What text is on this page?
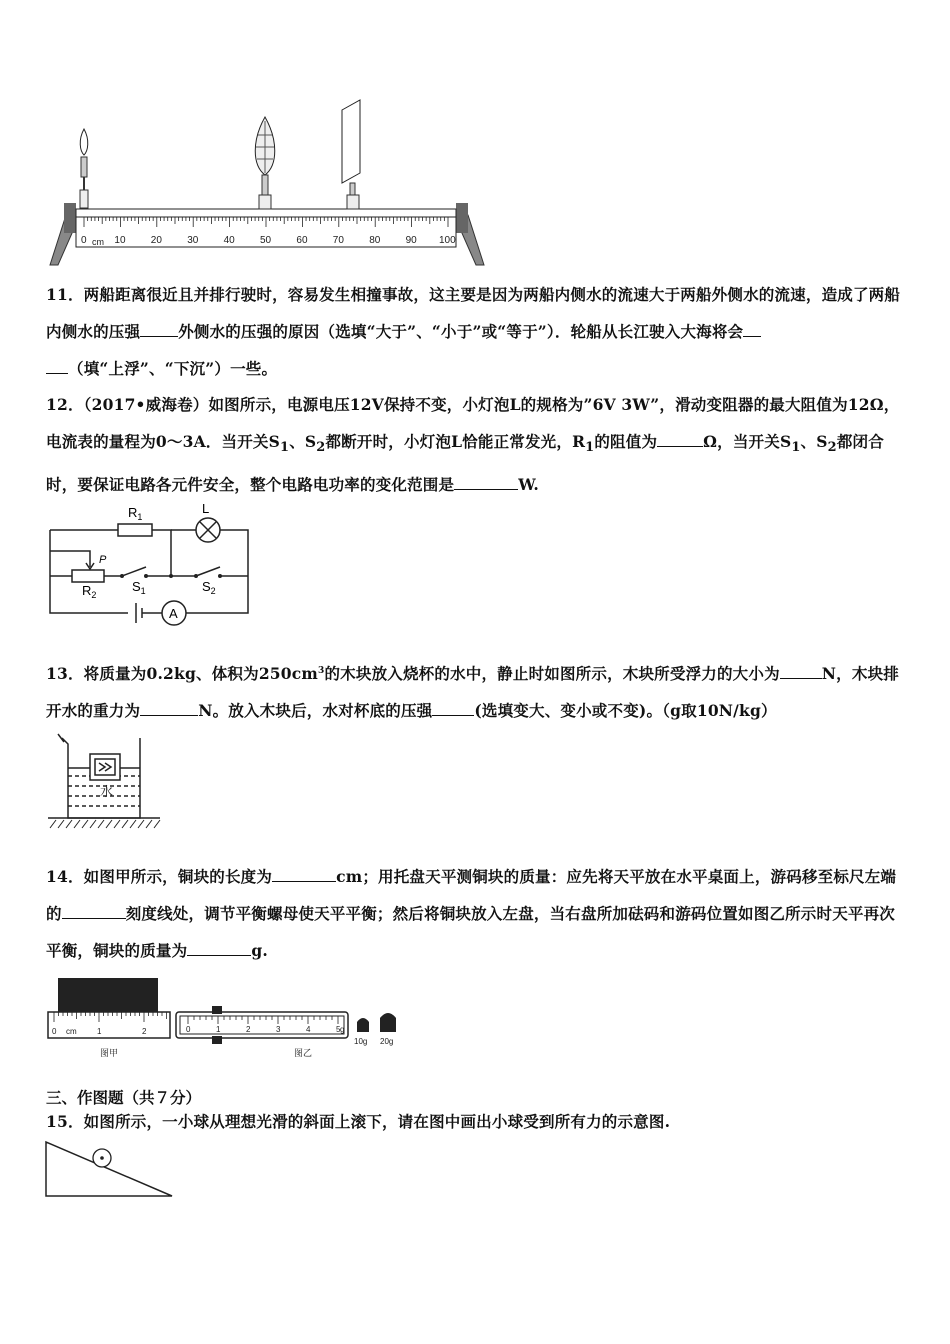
0	10	20	30	40	50	60	70	80	90 100
cm
11．两船距离很近且并排行驶时，容易发生相撞事故，这主要是因为两船内侧水的流速大于两船外侧水的流速，造成了两船内侧水的压强 外侧水的压强的原因（选填“大于”、“小于”或“等于”）．轮船从长江驶入大海将会
（填“上浮”、“下沉”）一些。
12．（2017•威海卷）如图所示，电源电压12V保持不变，小灯泡L的规格为”6V 3W”，滑动变阻器的最大阻值为12Ω，电流表的量程为0～3A．当开关$S_1$、$S_2$都断开时，小灯泡L恰能正常发光，$R_1$的阻值为	Ω，当开关$S_1$、$S_2$都闭合时，要保证电路各元件安全，整个电路电功率的变化范围是	W.
$R_1$
L
P
$R_2$
$S_1$	$S_2$
A
13．将质量为0.2kg、体积为$250cm^3$的木块放入烧杯的水中，静止时如图所示，木块所受浮力的大小为	N，木块排开水的重力为	N。放入木块后，水对杯底的压强	(选填变大、变小或不变)。（g取10N/kg）
水
14．如图甲所示，铜块的长度为	cm；用托盘天平测铜块的质量：应先将天平放在水平桌面上，游码移至标尺左端的	刻度线处，调节平衡螺母使天平平衡；然后将铜块放入左盘，当右盘所加砝码和游码位置如图乙所示时天平再次平衡，铜块的质量为	g.
0 cm	1	2
图甲
0	1	2	3	4	5 g
图乙
10g 20g
三、作图题（共７分）
15．如图所示，一小球从理想光滑的斜面上滚下，请在图中画出小球受到所有力的示意图.
